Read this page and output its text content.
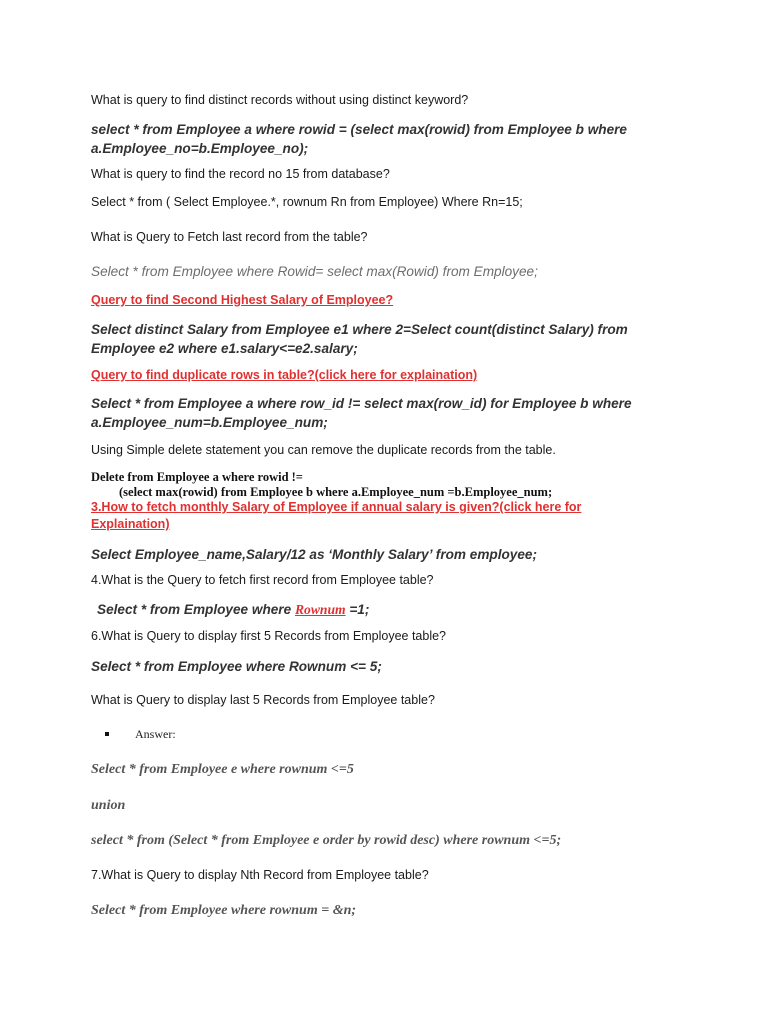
What is query to find distinct records without using distinct keyword?
select * from Employee a where rowid = (select max(rowid) from Employee b where a.Employee_no=b.Employee_no);
What is query to find the record no 15 from database?
Select * from ( Select Employee.*, rownum Rn from Employee) Where Rn=15;
What is Query to Fetch last record from the table?
Select * from Employee where Rowid= select max(Rowid) from Employee;
Query to find Second Highest Salary of Employee?
Select distinct Salary from Employee e1 where 2=Select count(distinct Salary) from Employee e2 where e1.salary<=e2.salary;
Query to find duplicate rows in table?(click here for explaination)
Select * from Employee a where row_id != select max(row_id) for Employee b where a.Employee_num=b.Employee_num;
Using Simple delete statement you can remove the duplicate records from the table.
Delete from Employee a where rowid !=
(select max(rowid) from Employee b where a.Employee_num =b.Employee_num;
3.How to fetch monthly Salary of Employee if annual salary is given?(click here for
Explaination)
Select Employee_name,Salary/12 as ‘Monthly Salary’ from employee;
4.What is the Query to fetch first record from Employee table?
Select * from Employee where Rownum =1;
6.What is Query to display first 5 Records from Employee table?
Select * from Employee where Rownum <= 5;
What is Query to display last 5 Records from Employee table?
Answer:
Select * from Employee e where rownum <=5
union
select * from (Select * from Employee e order by rowid desc) where rownum <=5;
7.What is Query to display Nth Record from Employee table?
Select * from Employee where rownum = &n;
